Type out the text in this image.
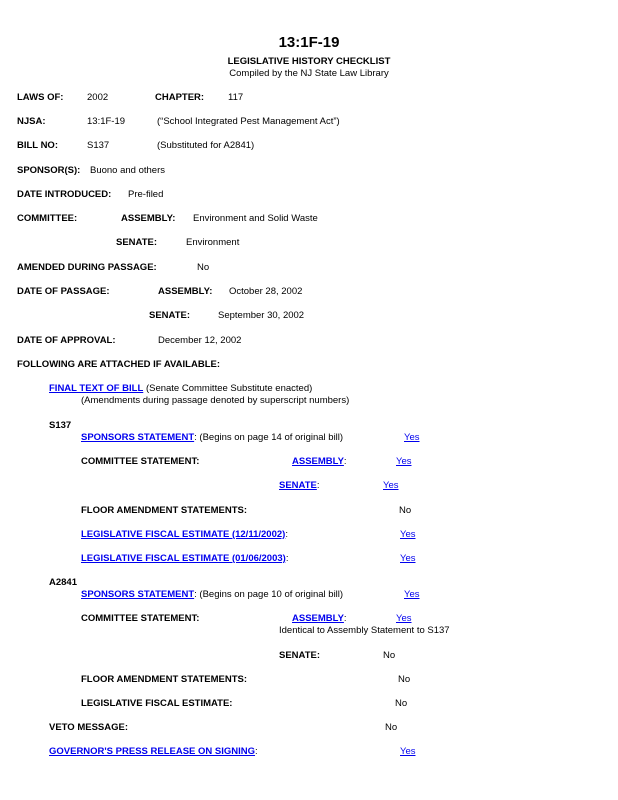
13:1F-19
LEGISLATIVE HISTORY CHECKLIST
Compiled by the NJ State Law Library
LAWS OF: 2002	CHAPTER:	117
NJSA:	13:1F-19	(“School Integrated Pest Management Act”)
BILL NO:	S137	(Substituted for A2841)
SPONSOR(S): Buono and others
DATE INTRODUCED: Pre-filed
COMMITTEE:	ASSEMBLY: Environment and Solid Waste
SENATE:	Environment
AMENDED DURING PASSAGE:	No
DATE OF PASSAGE:	ASSEMBLY: October 28, 2002
SENATE:	September 30, 2002
DATE OF APPROVAL:	December 12, 2002
FOLLOWING ARE ATTACHED IF AVAILABLE:
FINAL TEXT OF BILL (Senate Committee Substitute enacted)
(Amendments during passage denoted by superscript numbers)
S137
SPONSORS STATEMENT: (Begins on page 14 of original bill)	Yes
COMMITTEE STATEMENT:	ASSEMBLY:	Yes
SENATE:	Yes
FLOOR AMENDMENT STATEMENTS:	No
LEGISLATIVE FISCAL ESTIMATE (12/11/2002):	Yes
LEGISLATIVE FISCAL ESTIMATE (01/06/2003):	Yes
A2841
SPONSORS STATEMENT: (Begins on page 10 of original bill)	Yes
COMMITTEE STATEMENT:	ASSEMBLY:	Yes
Identical to Assembly Statement to S137
SENATE:	No
FLOOR AMENDMENT STATEMENTS:	No
LEGISLATIVE FISCAL ESTIMATE:	No
VETO MESSAGE:	No
GOVERNOR'S PRESS RELEASE ON SIGNING:	Yes
